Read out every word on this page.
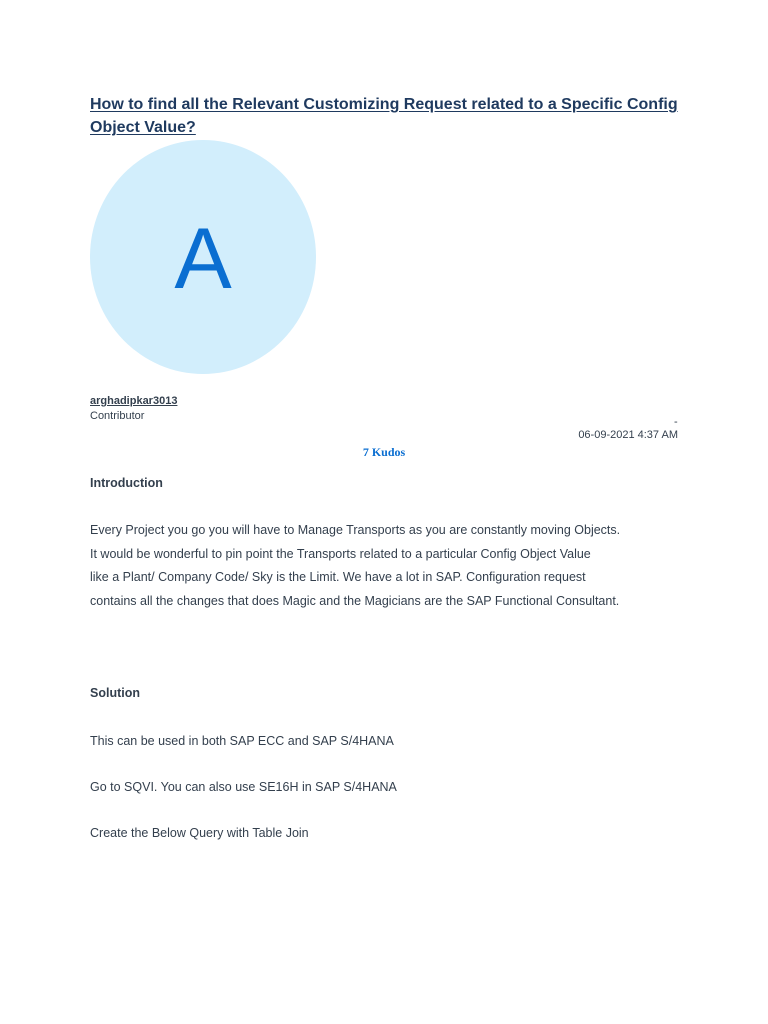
How to find all the Relevant Customizing Request related to a Specific Config Object Value?
A
arghadipkar3013
Contributor	-
06-09-2021 4:37 AM
7 Kudos
Introduction
Every Project you go you will have to Manage Transports as you are constantly moving Objects.
It would be wonderful to pin point the Transports related to a particular Config Object Value
like a Plant/ Company Code/ Sky is the Limit. We have a lot in SAP. Configuration request
contains all the changes that does Magic and the Magicians are the SAP Functional Consultant.
Solution

This can be used in both SAP ECC and SAP S/4HANA

Go to SQVI. You can also use SE16H in SAP S/4HANA

Create the Below Query with Table Join
